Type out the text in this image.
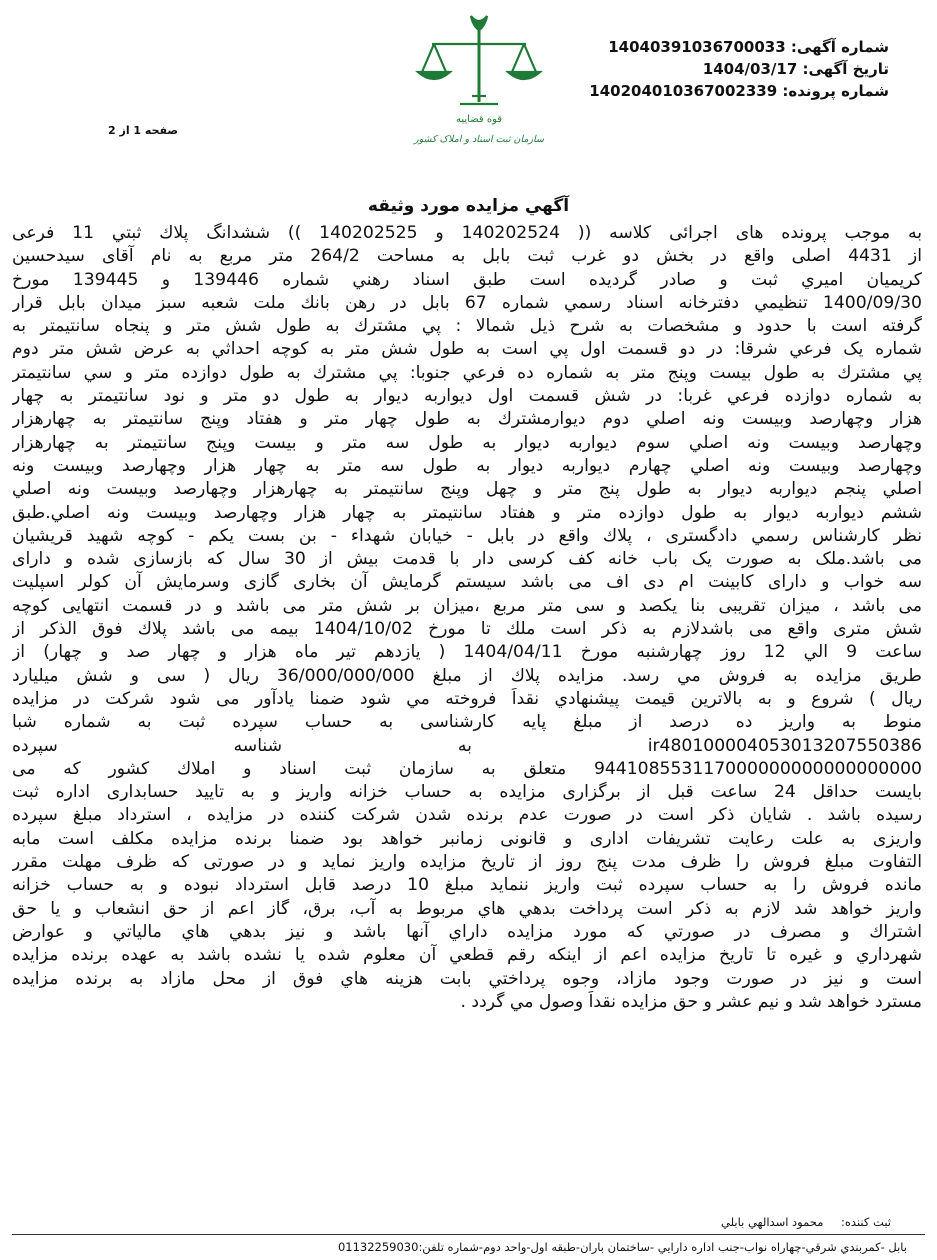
شماره آگهی: 14040391036700033
تاریخ آگهی: 1404/03/17
شماره پرونده: 140204010367002339
قوه قضاییه
سازمان ثبت اسناد و املاک کشور
صفحه 1 از 2
آگهي مزايده مورد وثيقه
به موجب پرونده هاى اجرائى كلاسه (( 140202524 و 140202525 )) ششدانگ پلاك ثبتي 11 فرعی
از 4431 اصلى واقع در بخش دو غرب ثبت بابل به مساحت 264/2 متر مربع به نام آقاى سيدحسين
كريميان اميري ثبت و صادر گرديده است طبق اسناد رهني شماره 139446 و 139445 مورخ
1400/09/30 تنظيمي دفترخانه اسناد رسمي شماره 67 بابل در رهن بانك ملت شعبه سبز ميدان بابل قرار
گرفته است با حدود و مشخصات به شرح ذيل شمالا : پي مشترك به طول شش متر و پنجاه سانتيمتر به
شماره يک فرعي شرقا: در دو قسمت اول پي است به طول شش متر به كوچه احداثي به عرض شش متر دوم
پي مشترك به طول بيست وپنج متر به شماره ده فرعي جنوبا: پي مشترك به طول دوازده متر و سي سانتيمتر
به شماره دوازده فرعي غربا: در شش قسمت اول ديواربه ديوار به طول دو متر و نود سانتيمتر به چهار
هزار وچهارصد وبيست ونه اصلي دوم ديوارمشترك به طول چهار متر و هفتاد وپنج سانتيمتر به چهارهزار
وچهارصد وبيست ونه اصلي سوم ديواربه ديوار به طول سه متر و بيست وپنج سانتيمتر به چهارهزار
وچهارصد وبيست ونه اصلي چهارم ديواربه ديوار به طول سه متر به چهار هزار وچهارصد وبيست ونه
اصلي پنجم ديواربه ديوار به طول پنج متر و چهل وپنج سانتيمتر به چهارهزار وچهارصد وبيست ونه اصلي
ششم ديواربه ديوار به طول دوازده متر و هفتاد سانتيمتر به چهار هزار وچهارصد وبيست ونه اصلي.طبق
نظر كارشناس رسمي دادگستری ، پلاك واقع در بابل - خيابان شهداء - بن بست يكم - كوچه شهيد قريشيان
می باشد.ملک به صورت يک باب خانه كف كرسی دار با قدمت بيش از 30 سال كه بازسازی شده و دارای
سه خواب و دارای كابينت ام دی اف می باشد سيستم گرمايش آن بخاری گازی وسرمايش آن كولر اسپليت
می باشد ، ميزان تقريبی بنا يكصد و سی متر مربع ،ميزان بر شش متر می باشد و در قسمت انتهايی كوچه
شش متری واقع می باشدلازم به ذكر است ملك تا مورخ 1404/10/02 بيمه می باشد پلاك فوق الذكر از
ساعت 9 الي 12 روز چهارشنبه مورخ 1404/04/11 ( يازدهم تير ماه هزار و چهار صد و چهار) از
طريق مزايده به فروش مي رسد. مزايده پلاك از مبلغ 36/000/000/000 ريال ( سی و شش ميليارد
ريال ) شروع و به بالاترين قيمت پيشنهادي نقداً فروخته مي شود ضمنا يادآور می شود شركت در مزايده
منوط به واريز ده درصد از مبلغ پايه كارشناسی به حساب سپرده ثبت به شماره شبا
ir480100004053013207550386 به شناسه سپرده
944108553117000000000000000000 متعلق به سازمان ثبت اسناد و املاك كشور كه می
بايست حداقل 24 ساعت قبل از برگزاری مزايده به حساب خزانه واريز و به تاييد حسابداری اداره ثبت
رسيده باشد . شايان ذكر است در صورت عدم برنده شدن شركت كننده در مزايده ، استرداد مبلغ سپرده
واريزی به علت رعايت تشريفات اداری و قانونی زمانبر خواهد بود ضمنا برنده مزايده مكلف است مابه
التفاوت مبلغ فروش را ظرف مدت پنج روز از تاريخ مزايده واريز نمايد و در صورتی كه ظرف مهلت مقرر
مانده فروش را به حساب سپرده ثبت واريز ننمايد مبلغ 10 درصد قابل استرداد نبوده و به حساب خزانه
واريز خواهد شد لازم به ذكر است پرداخت بدهي هاي مربوط به آب، برق، گاز اعم از حق انشعاب و يا حق
اشتراك و مصرف در صورتي كه مورد مزايده داراي آنها باشد و نيز بدهي هاي مالياتي و عوارض
شهرداري و غيره تا تاريخ مزايده اعم از اينكه رقم قطعي آن معلوم شده يا نشده باشد به عهده برنده مزايده
است و نيز در صورت وجود مازاد، وجوه پرداختي بابت هزينه هاي فوق از محل مازاد به برنده مزايده
مسترد خواهد شد و نيم عشر و حق مزايده نقداً وصول مي گردد .
ثبت كننده: محمود اسدالهي بابلي
بابل -كمربندي شرقي-چهاراه نواب-جنب اداره دارايي -ساختمان باران-طبقه اول-واحد دوم-شماره تلفن:01132259030
